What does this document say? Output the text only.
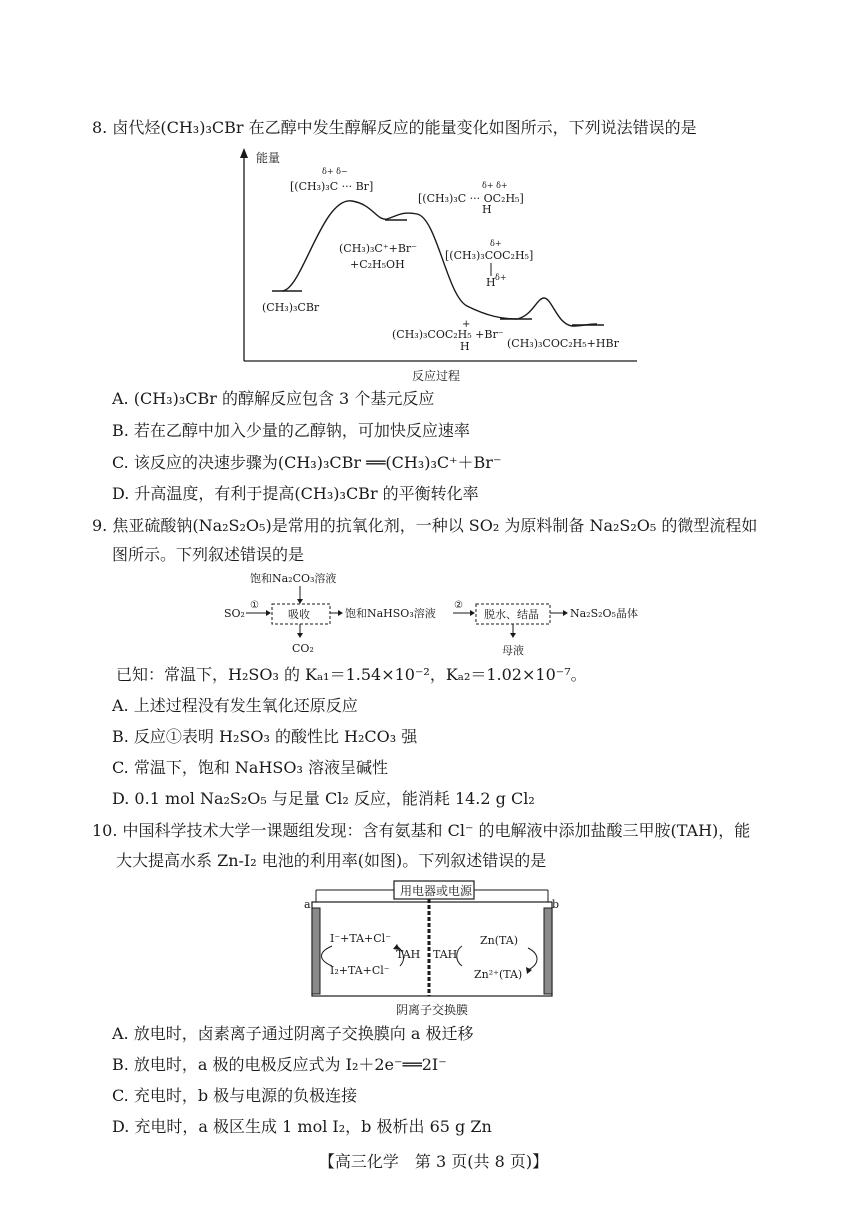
8. 卤代烃(CH₃)₃CBr 在乙醇中发生醇解反应的能量变化如图所示，下列说法错误的是
能量
δ+ δ−
[(CH₃)₃C ··· Br]	δ+ δ+
[(CH₃)₃C ··· OC₂H₅]
H
(CH₃)₃C⁺+Br⁻
+C₂H₅OH
δ+
[(CH₃)₃COC₂H₅]
H δ+
(CH₃)₃CBr
+
(CH₃)₃COC₂H₅ +Br⁻
H	(CH₃)₃COC₂H₅+HBr
反应过程
A. (CH₃)₃CBr 的醇解反应包含 3 个基元反应
B. 若在乙醇中加入少量的乙醇钠，可加快反应速率
C. 该反应的决速步骤为(CH₃)₃CBr ══(CH₃)₃C⁺＋Br⁻
D. 升高温度，有利于提高(CH₃)₃CBr 的平衡转化率
9. 焦亚硫酸钠(Na₂S₂O₅)是常用的抗氧化剂，一种以 SO₂ 为原料制备 Na₂S₂O₅ 的微型流程如
图所示。下列叙述错误的是
饱和Na₂CO₃溶液
SO₂
①
吸收
CO₂
饱和NaHSO₃溶液
②
脱水、结晶
母液
Na₂S₂O₅晶体
已知：常温下，H₂SO₃ 的 Kₐ₁＝1.54×10⁻²，Kₐ₂＝1.02×10⁻⁷。
A. 上述过程没有发生氧化还原反应
B. 反应①表明 H₂SO₃ 的酸性比 H₂CO₃ 强
C. 常温下，饱和 NaHSO₃ 溶液呈碱性
D. 0.1 mol Na₂S₂O₅ 与足量 Cl₂ 反应，能消耗 14.2 g Cl₂
10. 中国科学技术大学一课题组发现：含有氨基和 Cl⁻ 的电解液中添加盐酸三甲胺(TAH)，能
大大提高水系 Zn-I₂ 电池的利用率(如图)。下列叙述错误的是
用电器或电源
a	b
I⁻+TA+Cl⁻
I₂+TA+Cl⁻
TAH TAH
Zn(TA)
Zn²⁺(TA)
阴离子交换膜
A. 放电时，卤素离子通过阴离子交换膜向 a 极迁移
B. 放电时，a 极的电极反应式为 I₂＋2e⁻══2I⁻
C. 充电时，b 极与电源的负极连接
D. 充电时，a 极区生成 1 mol I₂，b 极析出 65 g Zn
【高三化学　第 3 页(共 8 页)】
